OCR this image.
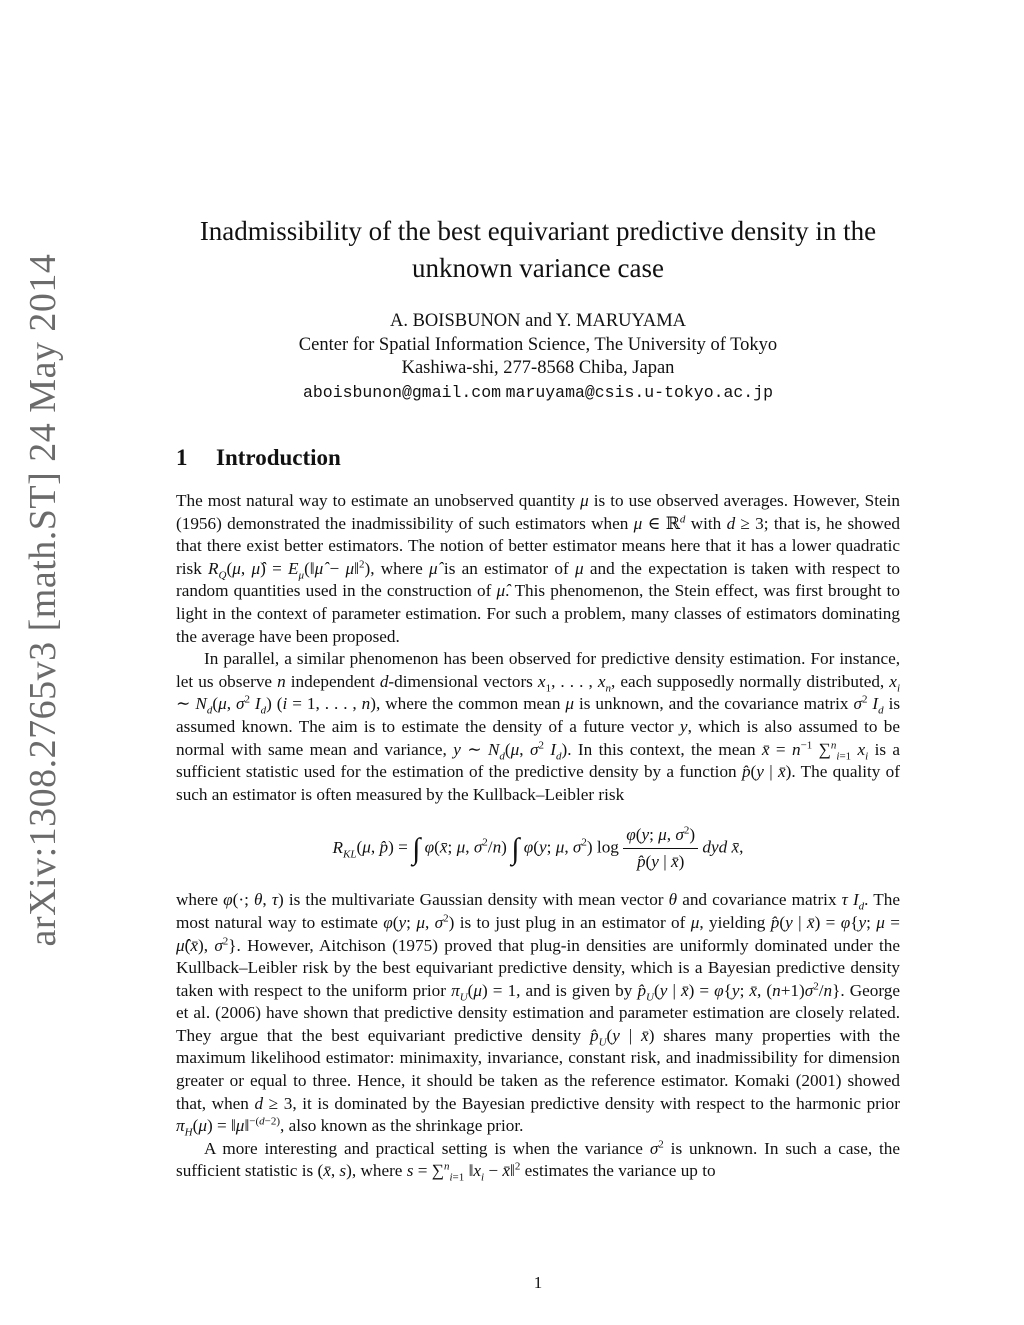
arXiv:1308.2765v3 [math.ST] 24 May 2014
Inadmissibility of the best equivariant predictive density in the
unknown variance case
A. BOISBUNON and Y. MARUYAMA
Center for Spatial Information Science, The University of Tokyo
Kashiwa-shi, 277-8568 Chiba, Japan
aboisbunon@gmail.com maruyama@csis.u-tokyo.ac.jp
1 Introduction

The most natural way to estimate an unobserved quantity μ is to use observed averages. However, Stein (1956) demonstrated the inadmissibility of such estimators when μ ∈ ℝ$^d$ with d ≥ 3; that is, he showed that there exist better estimators. The notion of better estimator means here that it has a lower quadratic risk $R_Q(\mu$, μ̂) = $E_\mu(‖\mû$ − μ‖$^2$), where μ̂ is an estimator of μ and the expectation is taken with respect to random quantities used in the construction of μ̂. This phenomenon, the Stein effect, was first brought to light in the context of parameter estimation. For such a problem, many classes of estimators dominating the average have been proposed.

In parallel, a similar phenomenon has been observed for predictive density estimation. For instance, let us observe n independent d-dimensional vectors $x_1$, . . . , $x_n$, each supposedly normally distributed, $x_i$ ∼ $N_d(\mu$, $\sigma^2$ $I_d$) (i = 1, . . . , n), where the common mean μ is unknown, and the covariance matrix $\sigma^2$ $I_d$ is assumed known. The aim is to estimate the density of a future vector y, which is also assumed to be normal with same mean and variance, y ∼ $N_d(\mu$, $\sigma^2$ $I_d$). In this context, the mean x̄ = $n^{-1}$ ∑$^n_{i=1}$ $x_i$ is a sufficient statistic used for the estimation of the predictive density by a function p̂(y | x̄). The quality of such an estimator is often measured by the Kullback–Leibler risk

$R_{KL}(\mu$, p̂) = ∫ φ(x̄; μ, $\sigma^2/n$) ∫ φ(y; μ, $\sigma^2$) $\log \frac{\varphi(y; \mu, \sigma^2)}{p̂(y | x̄)}$ dyd x̄,

where φ(·; θ, τ) is the multivariate Gaussian density with mean vector θ and covariance matrix τ $I_d$. The most natural way to estimate φ(y; μ, $\sigma^2$) is to just plug in an estimator of μ, yielding p̂(y | x̄) = φ{y; μ = μ̂(x̄), $\sigma^2$}. However, Aitchison (1975) proved that plug-in densities are uniformly dominated under the Kullback–Leibler risk by the best equivariant predictive density, which is a Bayesian predictive density taken with respect to the uniform prior $\pi_U(\mu) = 1$, and is given by $p̂_U(y$ | x̄) = φ{y; x̄, $(n+1)\sigma^2/n$}. George et al. (2006) have shown that predictive density estimation and parameter estimation are closely related. They argue that the best equivariant predictive density $p̂_U(y$ | x̄) shares many properties with the maximum likelihood estimator: minimaxity, invariance, constant risk, and inadmissibility for dimension greater or equal to three. Hence, it should be taken as the reference estimator. Komaki (2001) showed that, when d ≥ 3, it is dominated by the Bayesian predictive density with respect to the harmonic prior $\pi_H(\mu)$ = ‖μ‖$^{-(d-2)}$, also known as the shrinkage prior.

A more interesting and practical setting is when the variance $\sigma^2$ is unknown. In such a case, the sufficient statistic is (x̄, s), where s = ∑$^n_{i=1}$ $‖x_i$ − x̄‖$^2$ estimates the variance up to

1
